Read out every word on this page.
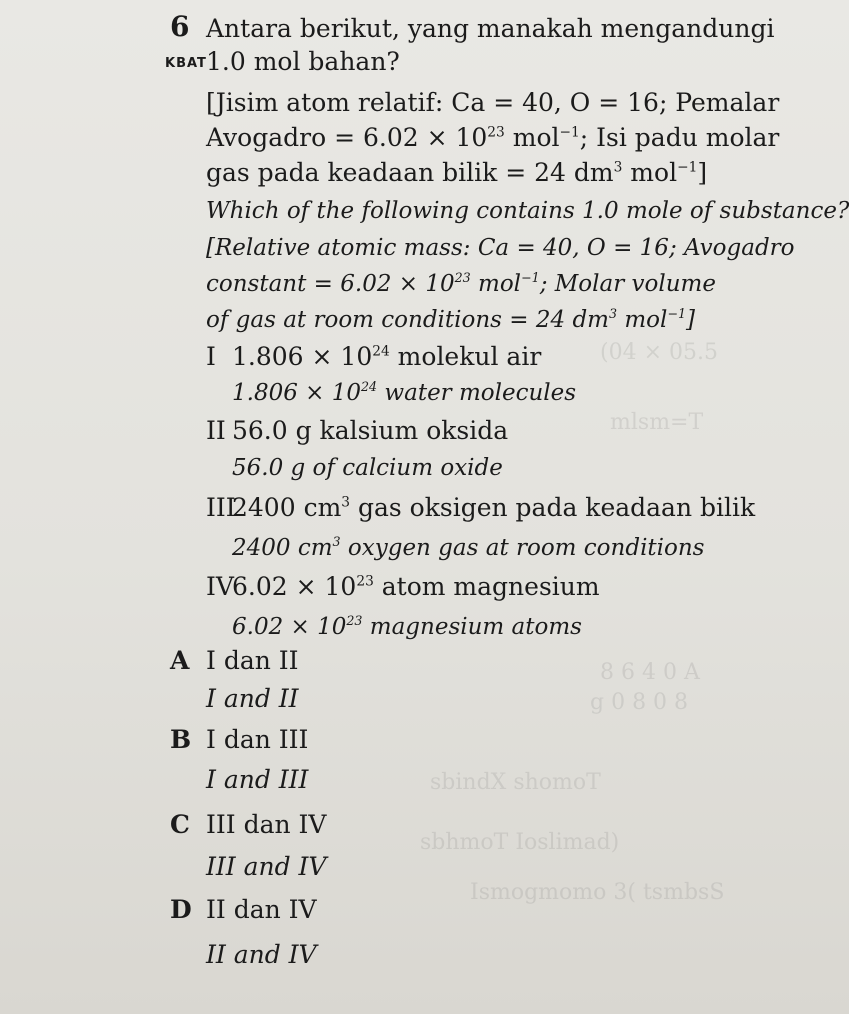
(04 × 05.5
mlsm=T
8 6 4 0 A
g 0 8 0 8
sbindX shomoT
sbhmoT Ioslimad)
Ismogmomo 3( tsmbsS
6 Antara berikut, yang manakah mengandungi
KBAT 1.0 mol bahan?
[Jisim atom relatif: Ca = 40, O = 16; Pemalar
Avogadro = $6.02 \times 10^{23}$ mol$^{-1}$; Isi padu molar
gas pada keadaan bilik = 24 $dm^3$ mol$^{-1}$]
Which of the following contains 1.0 mole of substance?
[Relative atomic mass: Ca = 40, O = 16; Avogadro
constant = $6.02 \times 10^{23}$ mol$^{-1}$; Molar volume
of gas at room conditions = 24 $dm^3$ mol$^{-1}$]
I $1.806 \times 10^{24}$ molekul air
$1.806 \times 10^{24}$ water molecules
II 56.0 g kalsium oksida
56.0 g of calcium oxide
III
2400 $cm^3$ gas oksigen pada keadaan bilik
2400 $cm^3$ oxygen gas at room conditions
IV
$6.02 \times 10^{23}$ atom magnesium
$6.02 \times 10^{23}$ magnesium atoms
A I dan II
I and II
B I dan III
I and III
C III dan IV
III and IV
D II dan IV
II and IV
